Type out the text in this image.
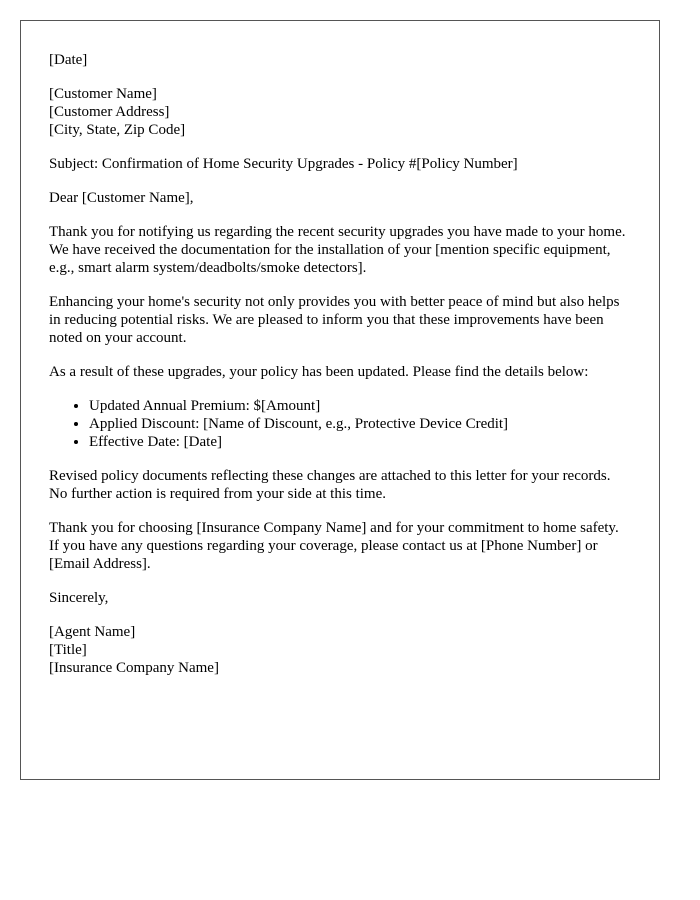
[Date]
[Customer Name]
[Customer Address]
[City, State, Zip Code]

Subject: Confirmation of Home Security Upgrades - Policy #[Policy Number]

Dear [Customer Name],

Thank you for notifying us regarding the recent security upgrades you have made to your home. We have received the documentation for the installation of your [mention specific equipment, e.g., smart alarm system/deadbolts/smoke detectors].

Enhancing your home's security not only provides you with better peace of mind but also helps in reducing potential risks. We are pleased to inform you that these improvements have been noted on your account.

As a result of these upgrades, your policy has been updated. Please find the details below:

• Updated Annual Premium: $[Amount]
• Applied Discount: [Name of Discount, e.g., Protective Device Credit]
• Effective Date: [Date]

Revised policy documents reflecting these changes are attached to this letter for your records. No further action is required from your side at this time.

Thank you for choosing [Insurance Company Name] and for your commitment to home safety. If you have any questions regarding your coverage, please contact us at [Phone Number] or [Email Address].

Sincerely,

[Agent Name]
[Title]
[Insurance Company Name]
